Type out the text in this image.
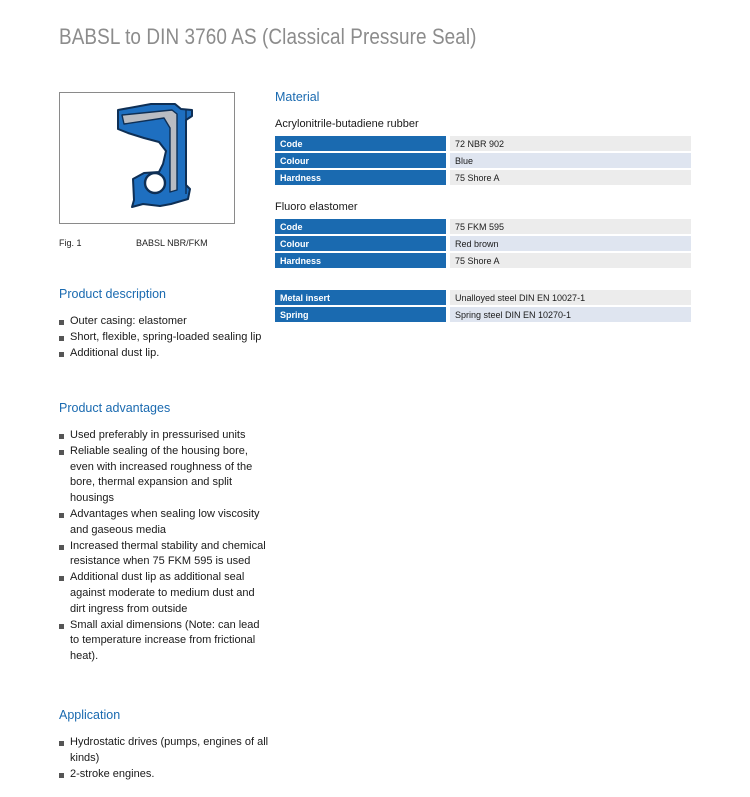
BABSL to DIN 3760 AS (Classical Pressure Seal)
Fig. 1	BABSL NBR/FKM
Product description
Outer casing: elastomer
Short, flexible, spring-loaded sealing lip
Additional dust lip.
Product advantages
Used preferably in pressurised units
Reliable sealing of the housing bore, even with increased roughness of the bore, thermal expansion and split housings
Advantages when sealing low viscosity and gaseous media
Increased thermal stability and chemical resistance when 75 FKM 595 is used
Additional dust lip as additional seal against moderate to medium dust and dirt ingress from outside
Small axial dimensions (Note: can lead to temperature increase from frictional heat).
Application
Hydrostatic drives (pumps, engines of all kinds)
2-stroke engines.
Material

Acrylonitrile-butadiene rubber

Code	72 NBR 902
Colour	Blue
Hardness	75 Shore A

Fluoro elastomer

Code	75 FKM 595
Colour	Red brown
Hardness	75 Shore A
Metal insert	Unalloyed steel DIN EN 10027-1
Spring	Spring steel DIN EN 10270-1
